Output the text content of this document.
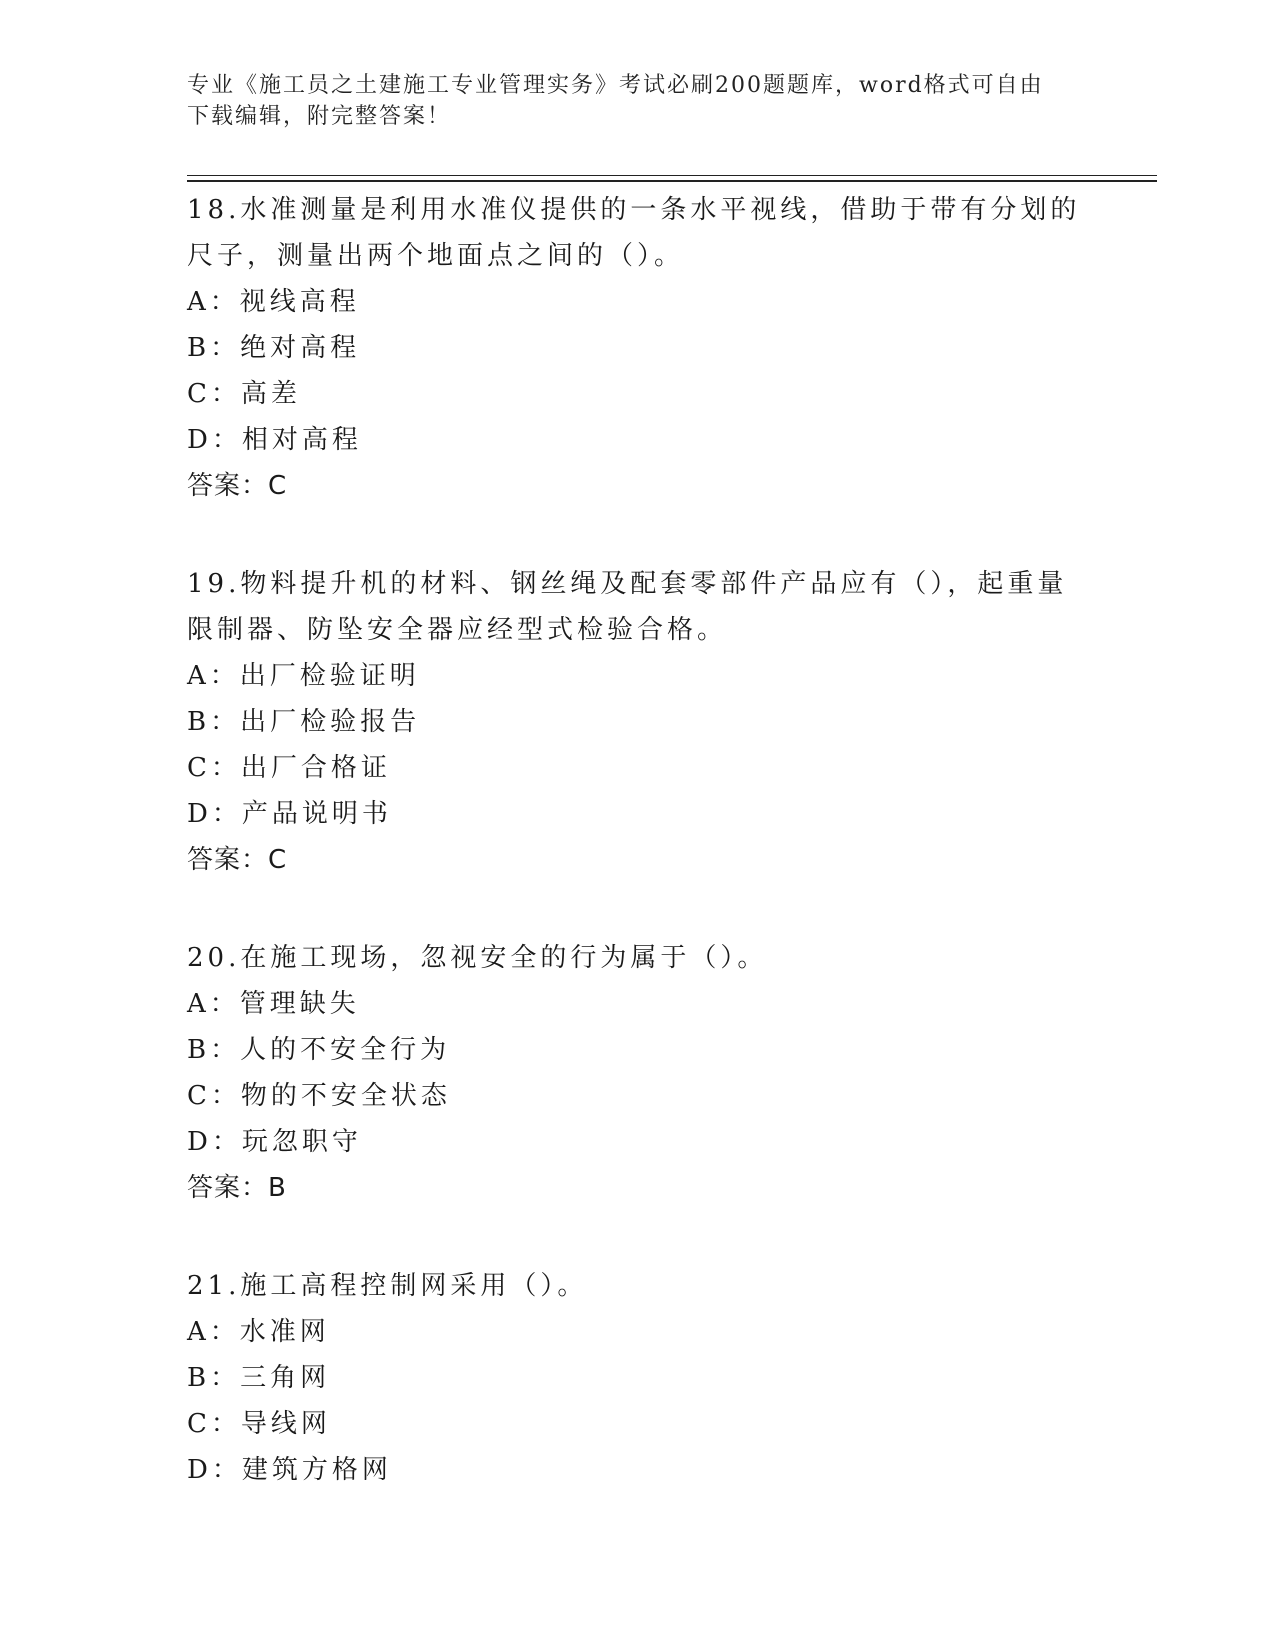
专业《施工员之土建施工专业管理实务》考试必刷200题题库，word格式可自由
下载编辑，附完整答案！

18.水准测量是利用水准仪提供的一条水平视线，借助于带有分划的尺子，测量出两个地面点之间的（）。

A：视线高程
B：绝对高程
C：高差
D：相对高程
答案：C

19.物料提升机的材料、钢丝绳及配套零部件产品应有（），起重量限制器、防坠安全器应经型式检验合格。

A：出厂检验证明
B：出厂检验报告
C：出厂合格证
D：产品说明书
答案：C

20.在施工现场，忽视安全的行为属于（）。

A：管理缺失
B：人的不安全行为
C：物的不安全状态
D：玩忽职守
答案：B

21.施工高程控制网采用（）。

A：水准网
B：三角网
C：导线网
D：建筑方格网
